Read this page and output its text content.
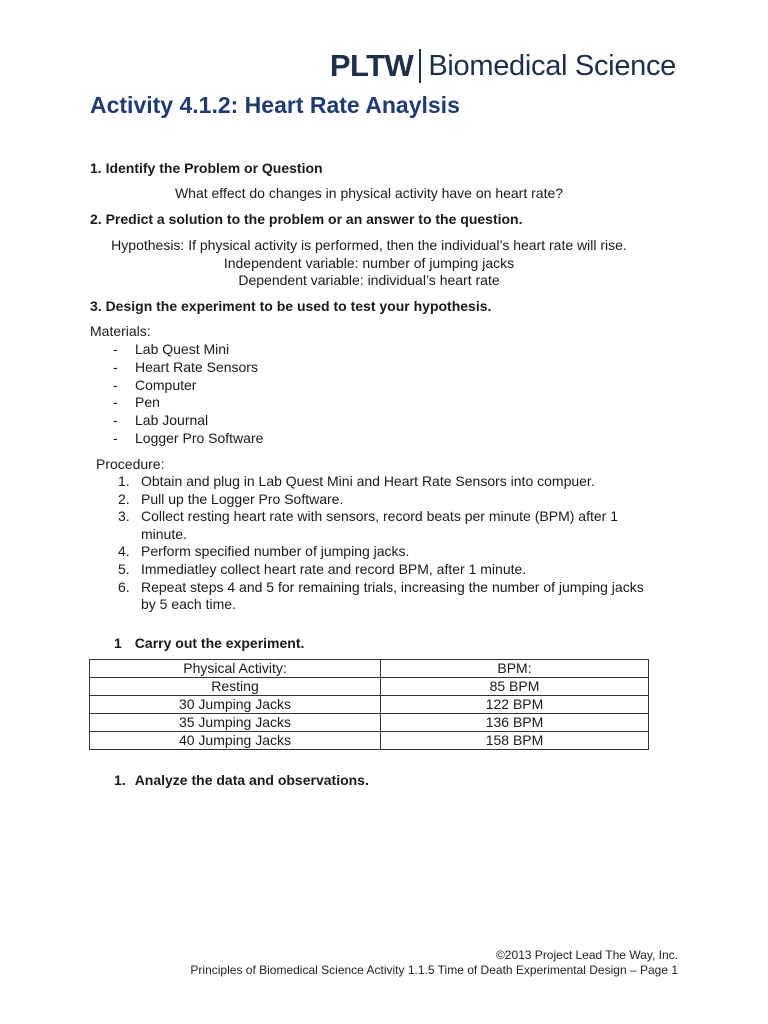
PLTW Biomedical Science
Activity 4.1.2: Heart Rate Anaylsis

1. Identify the Problem or Question

What effect do changes in physical activity have on heart rate?

2. Predict a solution to the problem or an answer to the question.

Hypothesis: If physical activity is performed, then the individual’s heart rate will rise.
Independent variable: number of jumping jacks
Dependent variable: individual’s heart rate

3. Design the experiment to be used to test your hypothesis.

Materials:

- Lab Quest Mini
- Heart Rate Sensors
- Computer
- Pen
- Lab Journal
- Logger Pro Software

Procedure:

1. Obtain and plug in Lab Quest Mini and Heart Rate Sensors into compuer.
2. Pull up the Logger Pro Software.
3. Collect resting heart rate with sensors, record beats per minute (BPM) after 1 minute.
4. Perform specified number of jumping jacks.
5. Immediatley collect heart rate and record BPM, after 1 minute.
6. Repeat steps 4 and 5 for remaining trials, increasing the number of jumping jacks by 5 each time.

1 Carry out the experiment.

Physical Activity:	BPM:
Resting	85 BPM
30 Jumping Jacks	122 BPM
35 Jumping Jacks	136 BPM
40 Jumping Jacks	158 BPM

1. Analyze the data and observations.

©2013 Project Lead The Way, Inc.
Principles of Biomedical Science Activity 1.1.5 Time of Death Experimental Design – Page 1
